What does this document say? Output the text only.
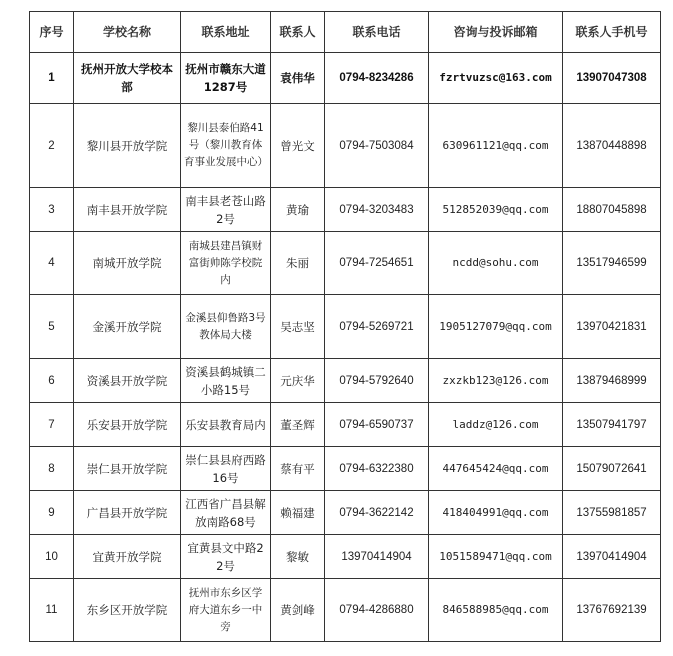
序号	学校名称	联系地址	联系人	联系电话	咨询与投诉邮箱	联系人手机号
1	抚州开放大学校本部	抚州市赣东大道1287号	袁伟华	0794-8234286	fzrtvuzsc@163.com	13907047308
2	黎川县开放学院	黎川县泰伯路41号（黎川教育体育事业发展中心）	曾光文	0794-7503084	630961121@qq.com	13870448898
3	南丰县开放学院	南丰县老苍山路2号	黄瑜	0794-3203483	512852039@qq.com	18807045898
4	南城开放学院	南城县建昌镇财富街帅陈学校院内	朱丽	0794-7254651	ncdd@sohu.com	13517946599
5	金溪开放学院	金溪县仰鲁路3号教体局大楼	吴志坚	0794-5269721	1905127079@qq.com	13970421831
6	资溪县开放学院	资溪县鹤城镇二小路15号	元庆华	0794-5792640	zxzkb123@126.com	13879468999
7	乐安县开放学院	乐安县教育局内	董圣辉	0794-6590737	laddz@126.com	13507941797
8	崇仁县开放学院	崇仁县县府西路16号	蔡有平	0794-6322380	447645424@qq.com	15079072641
9	广昌县开放学院	江西省广昌县解放南路68号	赖福建	0794-3622142	418404991@qq.com	13755981857
10	宜黄开放学院	宜黄县文中路22号	黎敏	13970414904	1051589471@qq.com	13970414904
11	东乡区开放学院	抚州市东乡区学府大道东乡一中旁	黄剑峰	0794-4286880	846588985@qq.com	13767692139
